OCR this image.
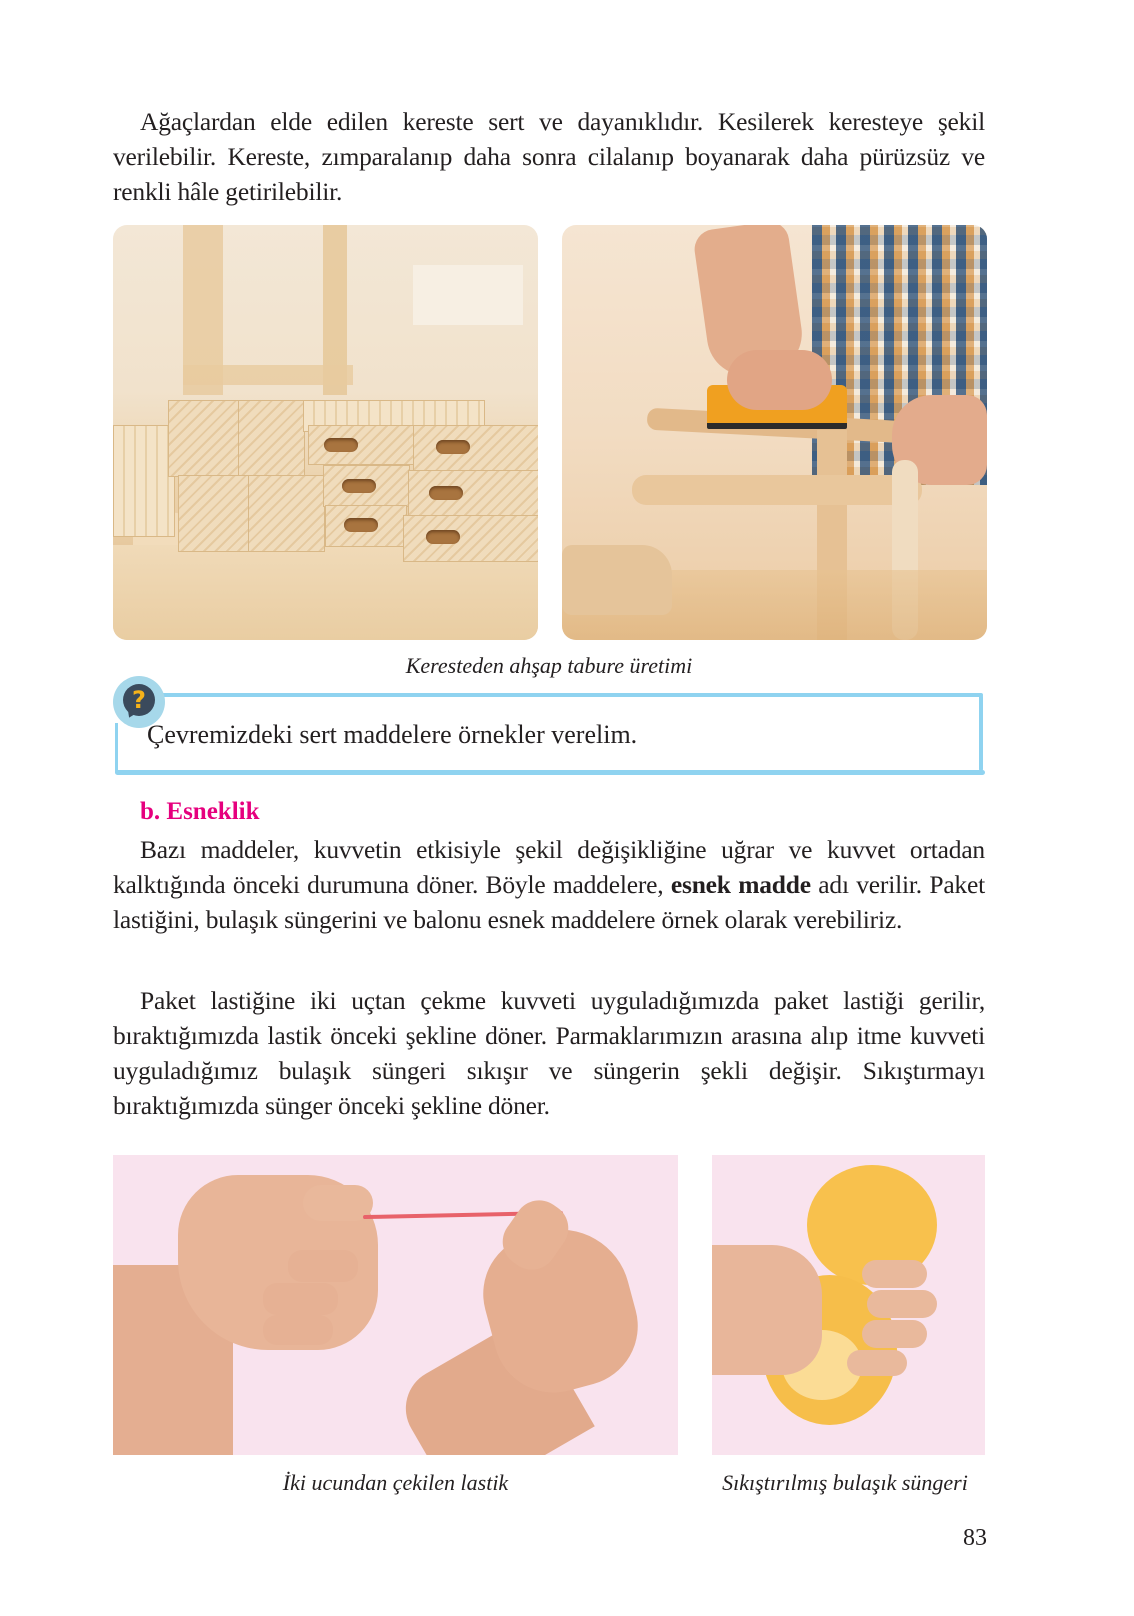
Ağaçlardan elde edilen kereste sert ve dayanıklıdır. Kesilerek keresteye şekil verilebilir. Kereste, zımparalanıp daha sonra cilalanıp boyanarak daha pürüzsüz ve renkli hâle getirilebilir.

Keresteden ahşap tabure üretimi
?
Çevremizdeki sert maddelere örnekler verelim.
b. Esneklik

Bazı maddeler, kuvvetin etkisiyle şekil değişikliğine uğrar ve kuvvet ortadan kalktığında önceki durumuna döner. Böyle maddelere, esnek madde adı verilir. Paket lastiğini, bulaşık süngerini ve balonu esnek maddelere örnek olarak verebiliriz.

Paket lastiğine iki uçtan çekme kuvveti uyguladığımızda paket lastiği gerilir, bıraktığımızda lastik önceki şekline döner. Parmaklarımızın arasına alıp itme kuvveti uyguladığımız bulaşık süngeri sıkışır ve süngerin şekli değişir. Sıkıştırmayı bıraktığımızda sünger önceki şekline döner.

İki ucundan çekilen lastik	Sıkıştırılmış bulaşık süngeri
83
